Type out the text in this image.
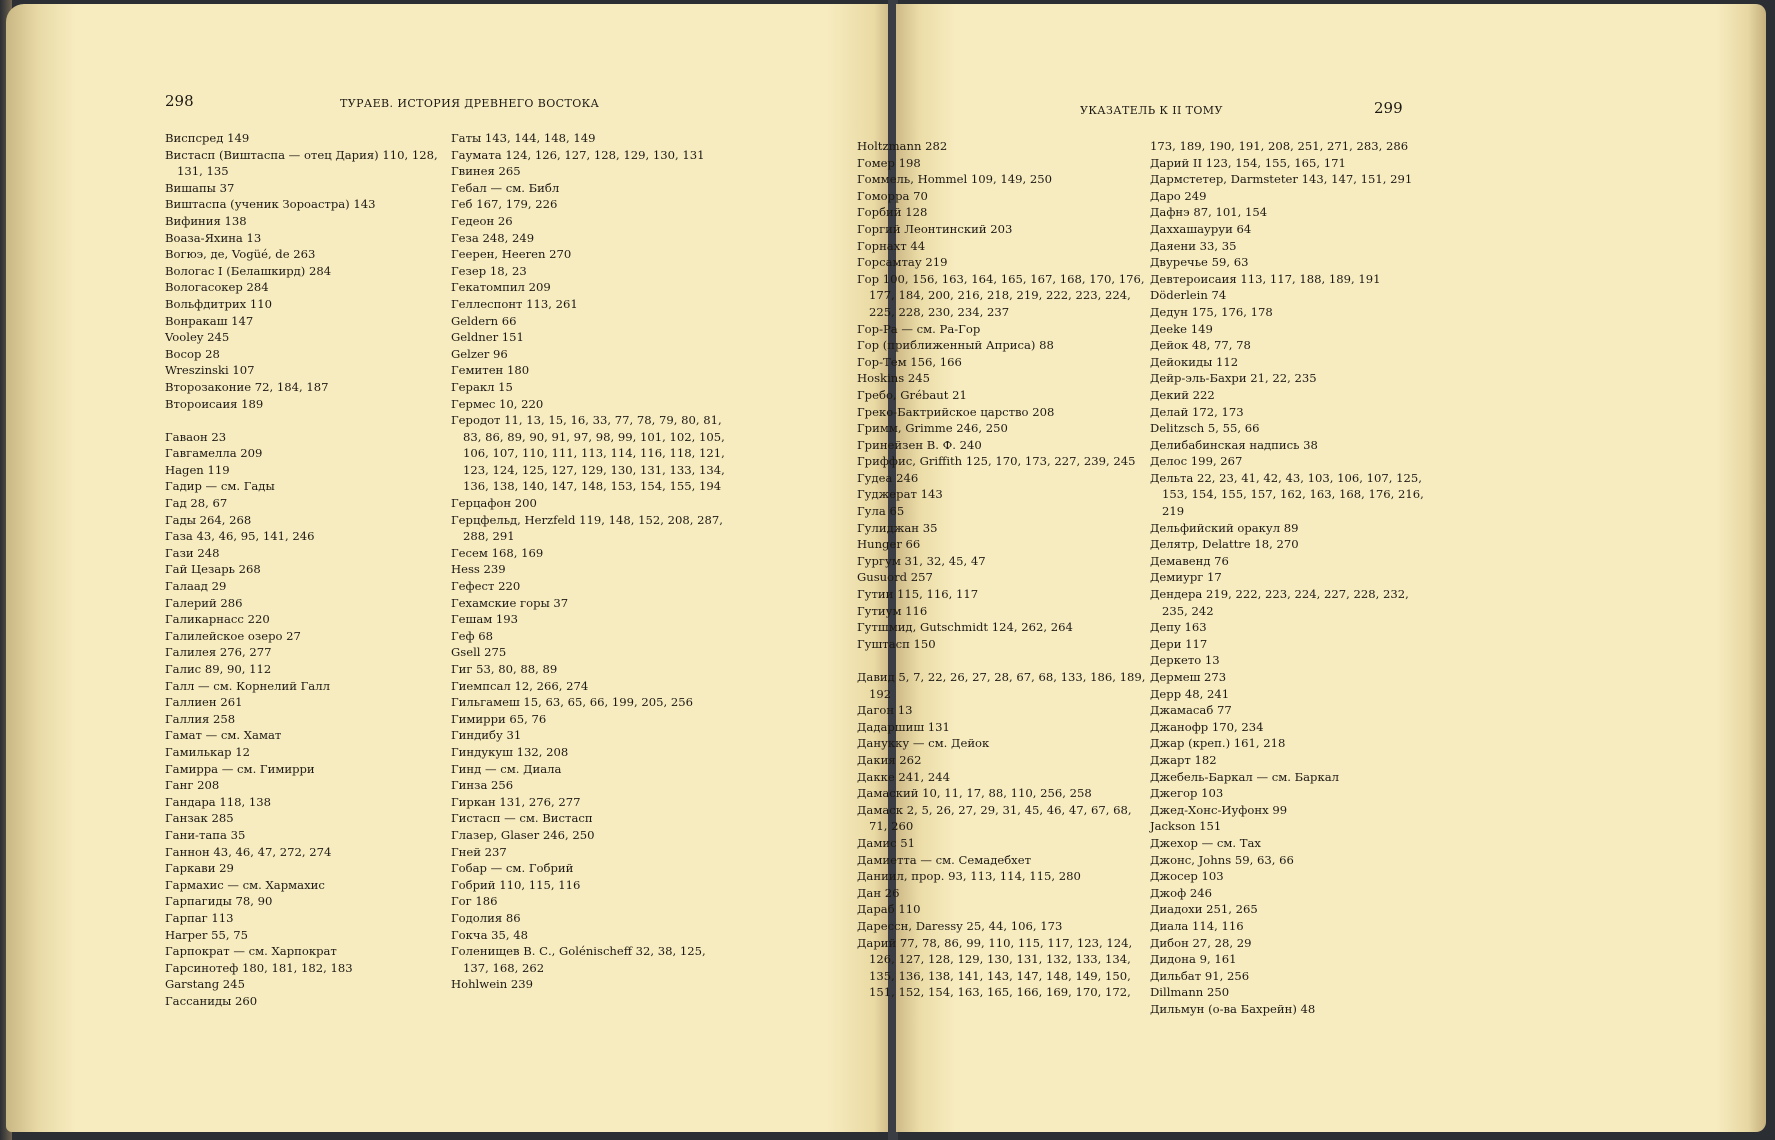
298	ТУРАЕВ. ИСТОРИЯ ДРЕВНЕГО ВОСТОКА
Виспсред 149
Вистасп (Виштаспа — отец Дария) 110, 128, 131, 135
Вишапы 37
Виштаспа (ученик Зороастра) 143
Вифиния 138
Воаза-Яхина 13
Вогюэ, де, Vogüé, de 263
Вологас I (Белашкирд) 284
Вологасокер 284
Вольфдитрих 110
Вонракаш 147
Vooley 245
Восор 28
Wreszinski 107
Второзаконие 72, 184, 187
Второисаия 189
Гаваон 23
Гавгамелла 209
Hagen 119
Гадир — см. Гады
Гад 28, 67
Гады 264, 268
Газа 43, 46, 95, 141, 246
Гази 248
Гай Цезарь 268
Галаад 29
Галерий 286
Галикарнасс 220
Галилейское озеро 27
Галилея 276, 277
Галис 89, 90, 112
Галл — см. Корнелий Галл
Галлиен 261
Галлия 258
Гамат — см. Хамат
Гамилькар 12
Гамирра — см. Гимирри
Ганг 208
Гандара 118, 138
Ганзак 285
Гани-тапа 35
Ганнон 43, 46, 47, 272, 274
Гаркави 29
Гармахис — см. Хармахис
Гарпагиды 78, 90
Гарпаг 113
Harper 55, 75
Гарпократ — см. Харпократ
Гарсинотеф 180, 181, 182, 183
Garstang 245
Гассаниды 260
Гаты 143, 144, 148, 149
Гаумата 124, 126, 127, 128, 129, 130, 131
Гвинея 265
Гебал — см. Библ
Геб 167, 179, 226
Гедеон 26
Геза 248, 249
Геерен, Heeren 270
Гезер 18, 23
Гекатомпил 209
Геллеспонт 113, 261
Geldern 66
Geldner 151
Gelzer 96
Гемитен 180
Геракл 15
Гермес 10, 220
Геродот 11, 13, 15, 16, 33, 77, 78, 79, 80, 81, 83, 86, 89, 90, 91, 97, 98, 99, 101, 102, 105, 106, 107, 110, 111, 113, 114, 116, 118, 121, 123, 124, 125, 127, 129, 130, 131, 133, 134, 136, 138, 140, 147, 148, 153, 154, 155, 194
Герцафон 200
Герцфельд, Herzfeld 119, 148, 152, 208, 287, 288, 291
Гесем 168, 169
Hess 239
Гефест 220
Гехамские горы 37
Гешам 193
Геф 68
Gsell 275
Гиг 53, 80, 88, 89
Гиемпсал 12, 266, 274
Гильгамеш 15, 63, 65, 66, 199, 205, 256
Гимирри 65, 76
Гиндибу 31
Гиндукуш 132, 208
Гинд — см. Диала
Гинза 256
Гиркан 131, 276, 277
Гистасп — см. Вистасп
Глазер, Glaser 246, 250
Гней 237
Гобар — см. Гобрий
Гобрий 110, 115, 116
Гог 186
Годолия 86
Гокча 35, 48
Голенищев В. С., Golénischeff 32, 38, 125, 137, 168, 262
Hohlwein 239
УКАЗАТЕЛЬ К II ТОМУ	299
Holtzmann 282
Гомер 198
Гоммель, Hommel 109, 149, 250
Гоморра 70
Горбий 128
Горгий Леонтинский 203
Горнахт 44
Горсамтау 219
Гор 100, 156, 163, 164, 165, 167, 168, 170, 176, 177, 184, 200, 216, 218, 219, 222, 223, 224, 225, 228, 230, 234, 237
Гор-Ра — см. Ра-Гор
Гор (приближенный Априса) 88
Гор-Тем 156, 166
Hoskins 245
Гребо, Grébaut 21
Греко-Бактрийское царство 208
Гримм, Grimme 246, 250
Гринейзен В. Ф. 240
Гриффис, Griffith 125, 170, 173, 227, 239, 245
Гудеа 246
Гуджерат 143
Гула 65
Гулиджан 35
Hunger 66
Гургум 31, 32, 45, 47
Gusuord 257
Гутии 115, 116, 117
Гутиум 116
Гутшмид, Gutschmidt 124, 262, 264
Гуштасп 150
Давид 5, 7, 22, 26, 27, 28, 67, 68, 133, 186, 189, 192
Дагон 13
Дадаршиш 131
Данукку — см. Дейок
Дакия 262
Дакке 241, 244
Дамаский 10, 11, 17, 88, 110, 256, 258
Дамаск 2, 5, 26, 27, 29, 31, 45, 46, 47, 67, 68, 71, 260
Дамис 51
Дамиетта — см. Семадебхет
Даниил, прор. 93, 113, 114, 115, 280
Дан 26
Дараб 110
Дарессн, Daressy 25, 44, 106, 173
Дарий 77, 78, 86, 99, 110, 115, 117, 123, 124, 126, 127, 128, 129, 130, 131, 132, 133, 134, 135, 136, 138, 141, 143, 147, 148, 149, 150, 151, 152, 154, 163, 165, 166, 169, 170, 172,
173, 189, 190, 191, 208, 251, 271, 283, 286
Дарий II 123, 154, 155, 165, 171
Дармстетер, Darmsteter 143, 147, 151, 291
Даро 249
Дафнэ 87, 101, 154
Даххашауруи 64
Даяени 33, 35
Двуречье 59, 63
Девтероисаия 113, 117, 188, 189, 191
Döderlein 74
Дедун 175, 176, 178
Деeke 149
Дейок 48, 77, 78
Дейокиды 112
Дейр-эль-Бахри 21, 22, 235
Декий 222
Делай 172, 173
Delitzsch 5, 55, 66
Делибабинская надпись 38
Делос 199, 267
Дельта 22, 23, 41, 42, 43, 103, 106, 107, 125, 153, 154, 155, 157, 162, 163, 168, 176, 216, 219
Дельфийский оракул 89
Делятр, Delattre 18, 270
Демавенд 76
Демиург 17
Дендера 219, 222, 223, 224, 227, 228, 232, 235, 242
Депу 163
Дери 117
Деркето 13
Дермеш 273
Дерр 48, 241
Джамасаб 77
Джанофр 170, 234
Джар (креп.) 161, 218
Джарт 182
Джебель-Баркал — см. Баркал
Джегор 103
Джед-Хонс-Иуфонх 99
Jackson 151
Джехор — см. Тах
Джонс, Johns 59, 63, 66
Джосер 103
Джоф 246
Диадохи 251, 265
Диала 114, 116
Дибон 27, 28, 29
Дидона 9, 161
Дильбат 91, 256
Dillmann 250
Дильмун (о-ва Бахрейн) 48
